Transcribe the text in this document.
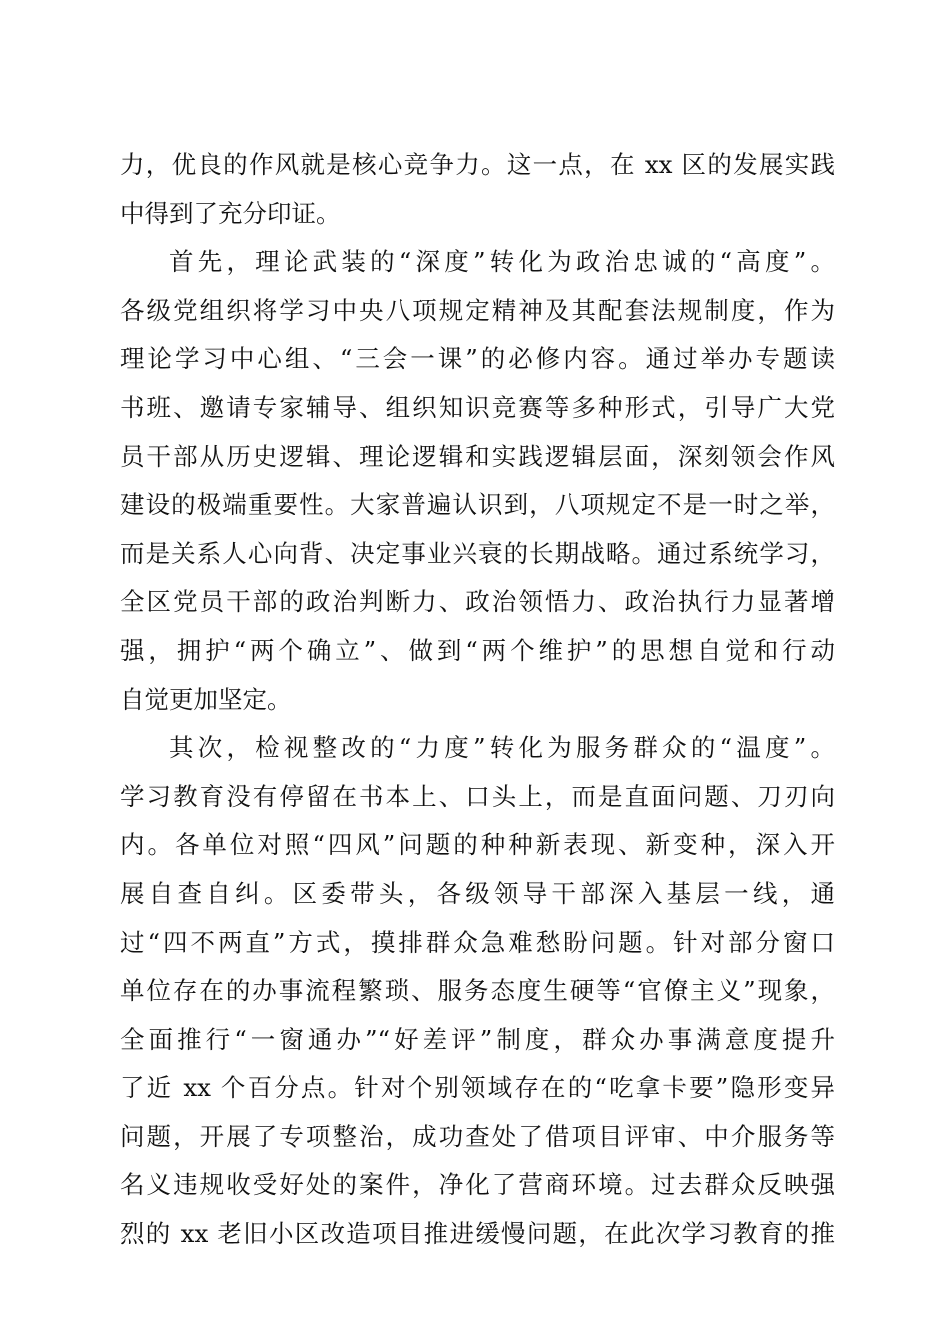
力，优良的作风就是核心竞争力。这一点，在 xx 区的发展实践
中得到了充分印证。
首先，理论武装的“深度”转化为政治忠诚的“高度”。
各级党组织将学习中央八项规定精神及其配套法规制度，作为
理论学习中心组、“三会一课”的必修内容。通过举办专题读
书班、邀请专家辅导、组织知识竞赛等多种形式，引导广大党
员干部从历史逻辑、理论逻辑和实践逻辑层面，深刻领会作风
建设的极端重要性。大家普遍认识到，八项规定不是一时之举，
而是关系人心向背、决定事业兴衰的长期战略。通过系统学习，
全区党员干部的政治判断力、政治领悟力、政治执行力显著增
强，拥护“两个确立”、做到“两个维护”的思想自觉和行动
自觉更加坚定。
其次，检视整改的“力度”转化为服务群众的“温度”。
学习教育没有停留在书本上、口头上，而是直面问题、刀刃向
内。各单位对照“四风”问题的种种新表现、新变种，深入开
展自查自纠。区委带头，各级领导干部深入基层一线，通
过“四不两直”方式，摸排群众急难愁盼问题。针对部分窗口
单位存在的办事流程繁琐、服务态度生硬等“官僚主义”现象，
全面推行“一窗通办”“好差评”制度，群众办事满意度提升
了近 xx 个百分点。针对个别领域存在的“吃拿卡要”隐形变异
问题，开展了专项整治，成功查处了借项目评审、中介服务等
名义违规收受好处的案件，净化了营商环境。过去群众反映强
烈的 xx 老旧小区改造项目推进缓慢问题，在此次学习教育的推
